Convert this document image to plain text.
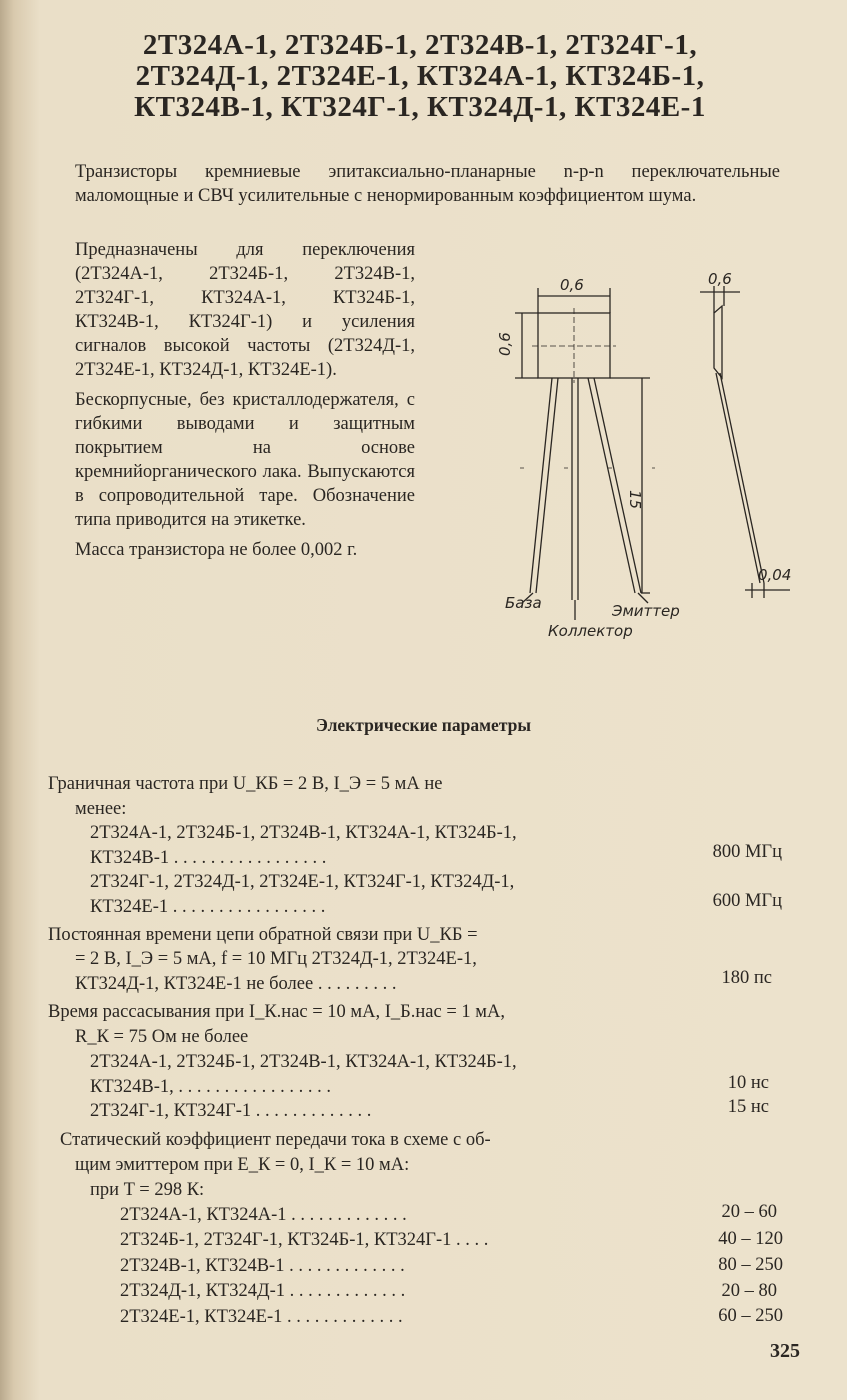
2Т324А-1, 2Т324Б-1, 2Т324В-1, 2Т324Г-1,
2Т324Д-1, 2Т324Е-1, КТ324А-1, КТ324Б-1,
КТ324В-1, КТ324Г-1, КТ324Д-1, КТ324Е-1
Транзисторы кремниевые эпитаксиально-планарные n-p-n переключательные маломощные и СВЧ усилительные с ненормированным коэффициентом шума.

Предназначены для переключения (2Т324А-1, 2Т324Б-1, 2Т324В-1, 2Т324Г-1, КТ324А-1, КТ324Б-1, КТ324В-1, КТ324Г-1) и усиления сигналов высокой частоты (2Т324Д-1, 2Т324Е-1, КТ324Д-1, КТ324Е-1).

Бескорпусные, без кристаллодержателя, с гибкими выводами и защитным покрытием на основе кремнийорганического лака. Выпускаются в сопроводительной таре. Обозначение типа приводится на этикетке.

Масса транзистора не более 0,002 г.

0,6
0,6
0,6
15
0,04
База	Эмиттер
Коллектор
Электрические параметры
Граничная частота при U_КБ = 2 В, I_Э = 5 мА не
менее:
2Т324А-1, 2Т324Б-1, 2Т324В-1, КТ324А-1, КТ324Б-1,
КТ324В-1 . . . . . . . . . . . . . . . . .	800 МГц
2Т324Г-1, 2Т324Д-1, 2Т324Е-1, КТ324Г-1, КТ324Д-1,
КТ324Е-1 . . . . . . . . . . . . . . . . .	600 МГц
Постоянная времени цепи обратной связи при U_КБ =
= 2 В, I_Э = 5 мА, f = 10 МГц 2Т324Д-1, 2Т324Е-1,
КТ324Д-1, КТ324Е-1 не более . . . . . . . . .	180 пс
Время рассасывания при I_К.нас = 10 мА, I_Б.нас = 1 мА,
R_К = 75 Ом не более
2Т324А-1, 2Т324Б-1, 2Т324В-1, КТ324А-1, КТ324Б-1,
КТ324В-1, . . . . . . . . . . . . . . . . .	10 нс
2Т324Г-1, КТ324Г-1 . . . . . . . . . . . . .	15 нс
Статический коэффициент передачи тока в схеме с об-
щим эмиттером при E_К = 0, I_К = 10 мА:
при T = 298 К:
2Т324А-1, КТ324А-1 . . . . . . . . . . . . .	20 – 60
2Т324Б-1, 2Т324Г-1, КТ324Б-1, КТ324Г-1 . . . .	40 – 120
2Т324В-1, КТ324В-1 . . . . . . . . . . . . .	80 – 250
2Т324Д-1, КТ324Д-1 . . . . . . . . . . . . .	20 – 80
2Т324Е-1, КТ324Е-1 . . . . . . . . . . . . .	60 – 250
325
